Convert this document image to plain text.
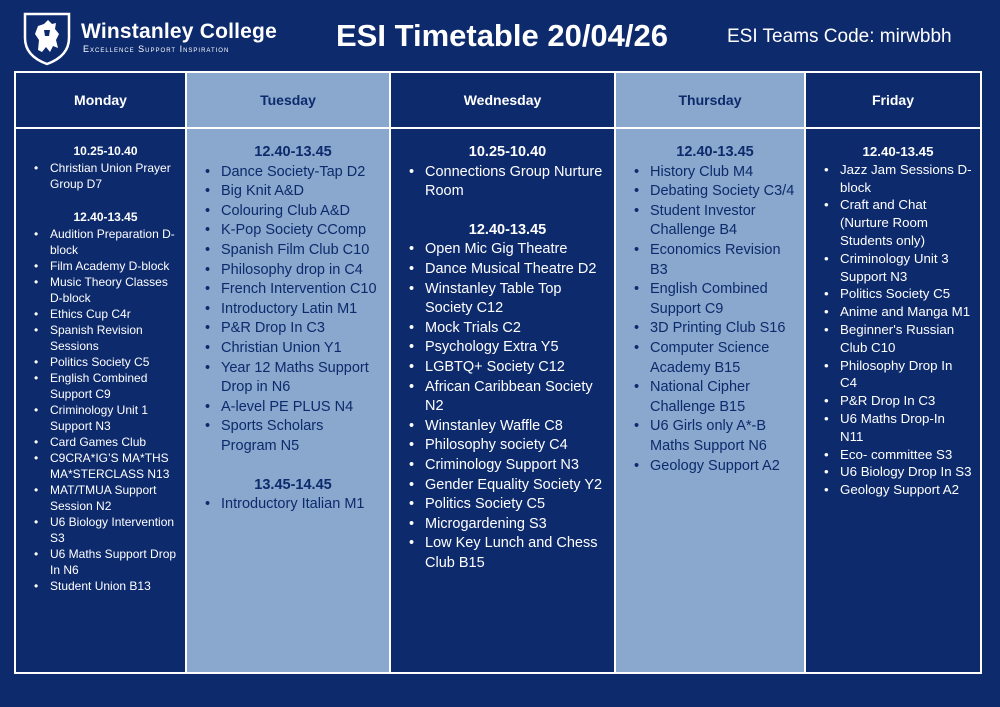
Winstanley College
Excellence Support Inspiration	ESI Timetable 20/04/26	ESI Teams Code: mirwbbh
Monday
10.25-10.40
• Christian Union Prayer Group D7
12.40-13.45
• Audition Preparation D-block
• Film Academy D-block
• Music Theory Classes D-block
• Ethics Cup C4r
• Spanish Revision Sessions
• Politics Society C5
• English Combined Support C9
• Criminology Unit 1 Support N3
• Card Games Club
• C9CRA*IG’S MA*THS MA*STERCLASS N13
• MAT/TMUA Support Session N2
• U6 Biology Intervention S3
• U6 Maths Support Drop In N6
• Student Union B13
Tuesday
12.40-13.45
• Dance Society-Tap D2
• Big Knit A&D
• Colouring Club A&D
• K-Pop Society CComp
• Spanish Film Club C10
• Philosophy drop in C4
• French Intervention C10
• Introductory Latin M1
• P&R Drop In C3
• Christian Union Y1
• Year 12 Maths Support Drop in N6
• A-level PE PLUS N4
• Sports Scholars Program N5
13.45-14.45
• Introductory Italian M1
Wednesday
10.25-10.40
• Connections Group Nurture Room
12.40-13.45
• Open Mic Gig Theatre
• Dance Musical Theatre D2
• Winstanley Table Top Society C12
• Mock Trials C2
• Psychology Extra Y5
• LGBTQ+ Society C12
• African Caribbean Society N2
• Winstanley Waffle C8
• Philosophy society C4
• Criminology Support N3
• Gender Equality Society Y2
• Politics Society C5
• Microgardening S3
• Low Key Lunch and Chess Club B15
Thursday
12.40-13.45
• History Club M4
• Debating Society C3/4
• Student Investor Challenge B4
• Economics Revision B3
• English Combined Support C9
• 3D Printing Club S16
• Computer Science Academy B15
• National Cipher Challenge B15
• U6 Girls only A*-B Maths Support N6
• Geology Support A2
Friday
12.40-13.45
• Jazz Jam Sessions D-block
• Craft and Chat (Nurture Room Students only)
• Criminology Unit 3 Support N3
• Politics Society C5
• Anime and Manga M1
• Beginner's Russian Club C10
• Philosophy Drop In C4
• P&R Drop In C3
• U6 Maths Drop-In N11
• Eco- committee S3
• U6 Biology Drop In S3
• Geology Support A2
